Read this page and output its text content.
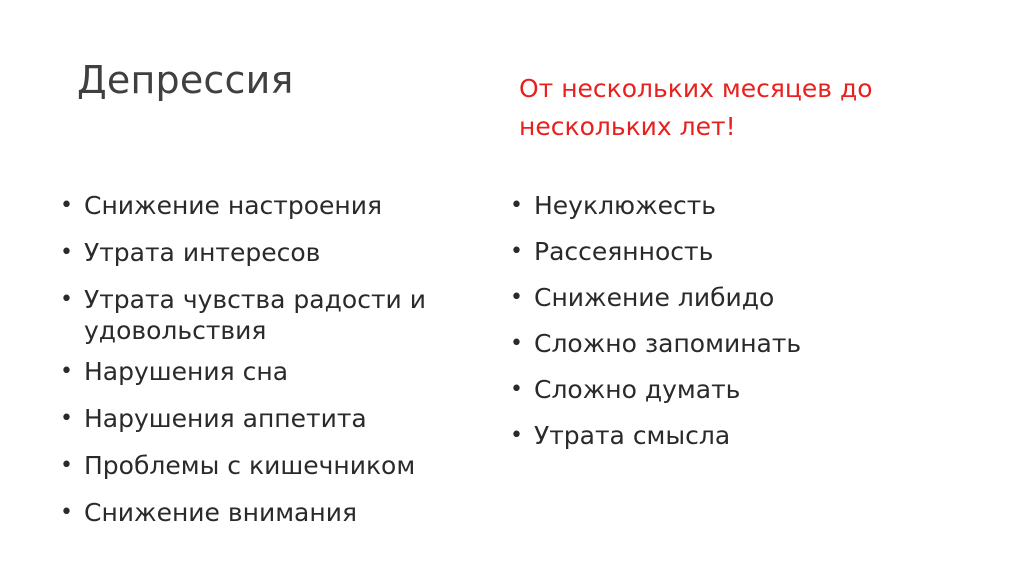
Депрессия	От нескольких месяцев до нескольких лет!
• Снижение настроения
• Утрата интересов
• Утрата чувства радости и удовольствия
• Нарушения сна
• Нарушения аппетита
• Проблемы с кишечником
• Снижение внимания
• Неуклюжесть
• Рассеянность
• Снижение либидо
• Сложно запоминать
• Сложно думать
• Утрата смысла
